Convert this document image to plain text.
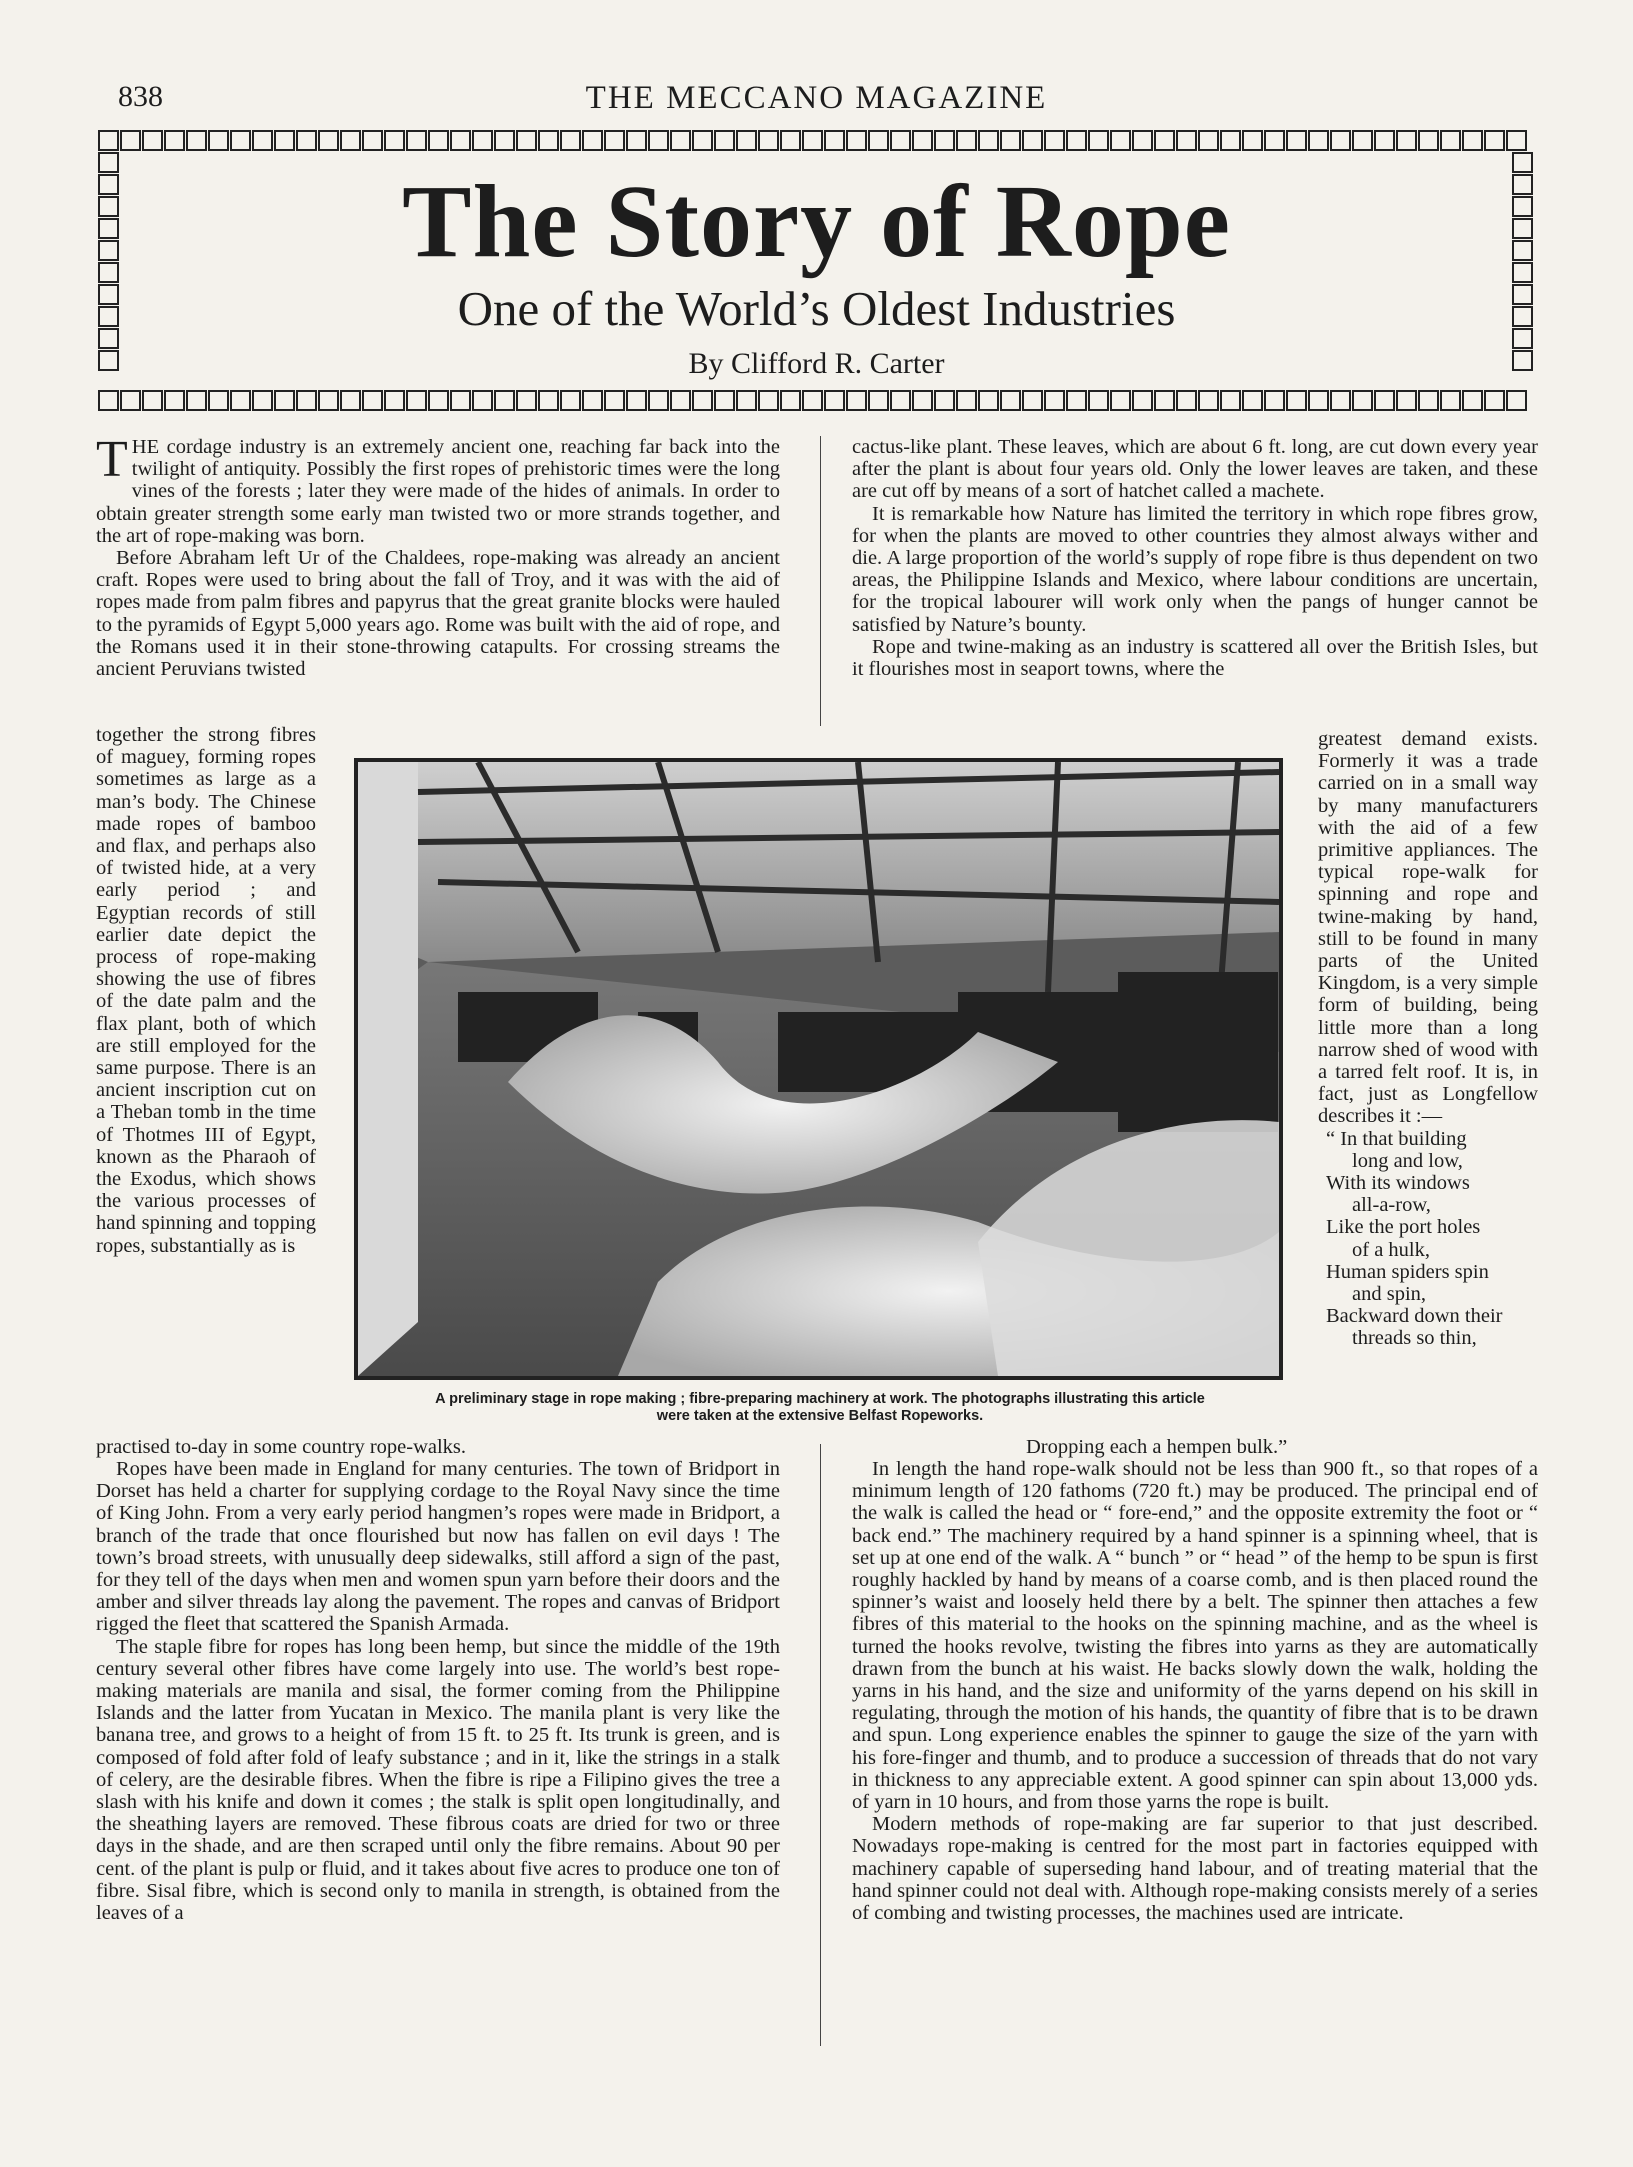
838	THE MECCANO MAGAZINE
The Story of Rope
One of the World’s Oldest Industries
By Clifford R. Carter

THE cordage industry is an extremely ancient one, reaching far back into the twilight of antiquity. Possibly the first ropes of prehistoric times were the long vines of the forests ; later they were made of the hides of animals. In order to obtain greater strength some early man twisted two or more strands together, and the art of rope-making was born.

Before Abraham left Ur of the Chaldees, rope-making was already an ancient craft. Ropes were used to bring about the fall of Troy, and it was with the aid of ropes made from palm fibres and papyrus that the great granite blocks were hauled to the pyramids of Egypt 5,000 years ago. Rome was built with the aid of rope, and the Romans used it in their stone-throwing catapults. For crossing streams the ancient Peruvians twisted

together the strong fibres of maguey, forming ropes sometimes as large as a man’s body. The Chinese made ropes of bamboo and flax, and perhaps also of twisted hide, at a very early period ; and Egyptian records of still earlier date depict the process of rope-making showing the use of fibres of the date palm and the flax plant, both of which are still employed for the same purpose. There is an ancient inscription cut on a Theban tomb in the time of Thotmes III of Egypt, known as the Pharaoh of the Exodus, which shows the various processes of hand spinning and topping ropes, substantially as is

practised to-day in some country rope-walks.

Ropes have been made in England for many centuries. The town of Bridport in Dorset has held a charter for supplying cordage to the Royal Navy since the time of King John. From a very early period hangmen’s ropes were made in Bridport, a branch of the trade that once flourished but now has fallen on evil days ! The town’s broad streets, with unusually deep sidewalks, still afford a sign of the past, for they tell of the days when men and women spun yarn before their doors and the amber and silver threads lay along the pavement. The ropes and canvas of Bridport rigged the fleet that scattered the Spanish Armada.

The staple fibre for ropes has long been hemp, but since the middle of the 19th century several other fibres have come largely into use. The world’s best rope-making materials are manila and sisal, the former coming from the Philippine Islands and the latter from Yucatan in Mexico. The manila plant is very like the banana tree, and grows to a height of from 15 ft. to 25 ft. Its trunk is green, and is composed of fold after fold of leafy substance ; and in it, like the strings in a stalk of celery, are the desirable fibres. When the fibre is ripe a Filipino gives the tree a slash with his knife and down it comes ; the stalk is split open longitudinally, and the sheathing layers are removed. These fibrous coats are dried for two or three days in the shade, and are then scraped until only the fibre remains. About 90 per cent. of the plant is pulp or fluid, and it takes about five acres to produce one ton of fibre. Sisal fibre, which is second only to manila in strength, is obtained from the leaves of a

cactus-like plant. These leaves, which are about 6 ft. long, are cut down every year after the plant is about four years old. Only the lower leaves are taken, and these are cut off by means of a sort of hatchet called a machete.

It is remarkable how Nature has limited the territory in which rope fibres grow, for when the plants are moved to other countries they almost always wither and die. A large proportion of the world’s supply of rope fibre is thus dependent on two areas, the Philippine Islands and Mexico, where labour conditions are uncertain, for the tropical labourer will work only when the pangs of hunger cannot be satisfied by Nature’s bounty.

Rope and twine-making as an industry is scattered all over the British Isles, but it flourishes most in seaport towns, where the

greatest demand exists. Formerly it was a trade carried on in a small way by many manufacturers with the aid of a few primitive appliances. The typical rope-walk for spinning and rope and twine-making by hand, still to be found in many parts of the United Kingdom, is a very simple form of building, being little more than a long narrow shed of wood with a tarred felt roof. It is, in fact, just as Longfellow describes it :—

“ In that building

long and low,

With its windows

all-a-row,

Like the port holes

of a hulk,

Human spiders spin

and spin,

Backward down their

threads so thin,

Dropping each a hempen bulk.”

In length the hand rope-walk should not be less than 900 ft., so that ropes of a minimum length of 120 fathoms (720 ft.) may be produced. The principal end of the walk is called the head or “ fore-end,” and the opposite extremity the foot or “ back end.” The machinery required by a hand spinner is a spinning wheel, that is set up at one end of the walk. A “ bunch ” or “ head ” of the hemp to be spun is first roughly hackled by hand by means of a coarse comb, and is then placed round the spinner’s waist and loosely held there by a belt. The spinner then attaches a few fibres of this material to the hooks on the spinning machine, and as the wheel is turned the hooks revolve, twisting the fibres into yarns as they are automatically drawn from the bunch at his waist. He backs slowly down the walk, holding the yarns in his hand, and the size and uniformity of the yarns depend on his skill in regulating, through the motion of his hands, the quantity of fibre that is to be drawn and spun. Long experience enables the spinner to gauge the size of the yarn with his fore-finger and thumb, and to produce a succession of threads that do not vary in thickness to any appreciable extent. A good spinner can spin about 13,000 yds. of yarn in 10 hours, and from those yarns the rope is built.

Modern methods of rope-making are far superior to that just described. Nowadays rope-making is centred for the most part in factories equipped with machinery capable of superseding hand labour, and of treating material that the hand spinner could not deal with. Although rope-making consists merely of a series of combing and twisting processes, the machines used are intricate.

A preliminary stage in rope making ; fibre-preparing machinery at work. The photographs illustrating this article
were taken at the extensive Belfast Ropeworks.
